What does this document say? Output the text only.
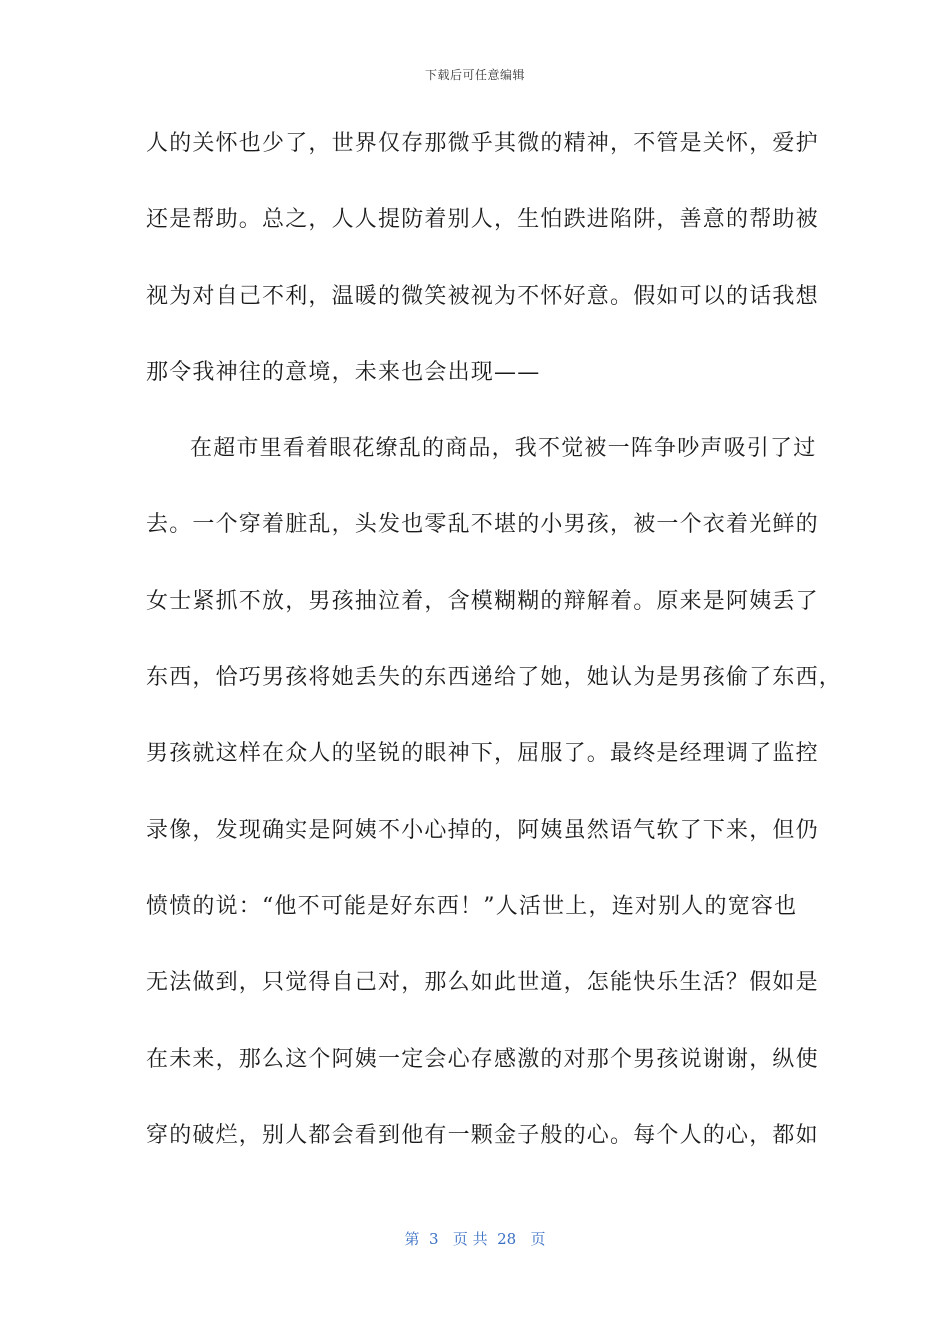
下载后可任意编辑
人的关怀也少了，世界仅存那微乎其微的精神，不管是关怀，爱护
还是帮助。总之，人人提防着别人，生怕跌进陷阱，善意的帮助被
视为对自己不利，温暖的微笑被视为不怀好意。假如可以的话我想
那令我神往的意境，未来也会出现——
在超市里看着眼花缭乱的商品，我不觉被一阵争吵声吸引了过
去。一个穿着脏乱，头发也零乱不堪的小男孩，被一个衣着光鲜的
女士紧抓不放，男孩抽泣着，含模糊糊的辩解着。原来是阿姨丢了
东西，恰巧男孩将她丢失的东西递给了她，她认为是男孩偷了东西，
男孩就这样在众人的坚锐的眼神下，屈服了。最终是经理调了监控
录像，发现确实是阿姨不小心掉的，阿姨虽然语气软了下来，但仍
愤愤的说：“他不可能是好东西！”人活世上，连对别人的宽容也
无法做到，只觉得自己对，那么如此世道，怎能快乐生活？假如是
在未来，那么这个阿姨一定会心存感激的对那个男孩说谢谢，纵使
穿的破烂，别人都会看到他有一颗金子般的心。每个人的心，都如
第  3   页 共  28   页
